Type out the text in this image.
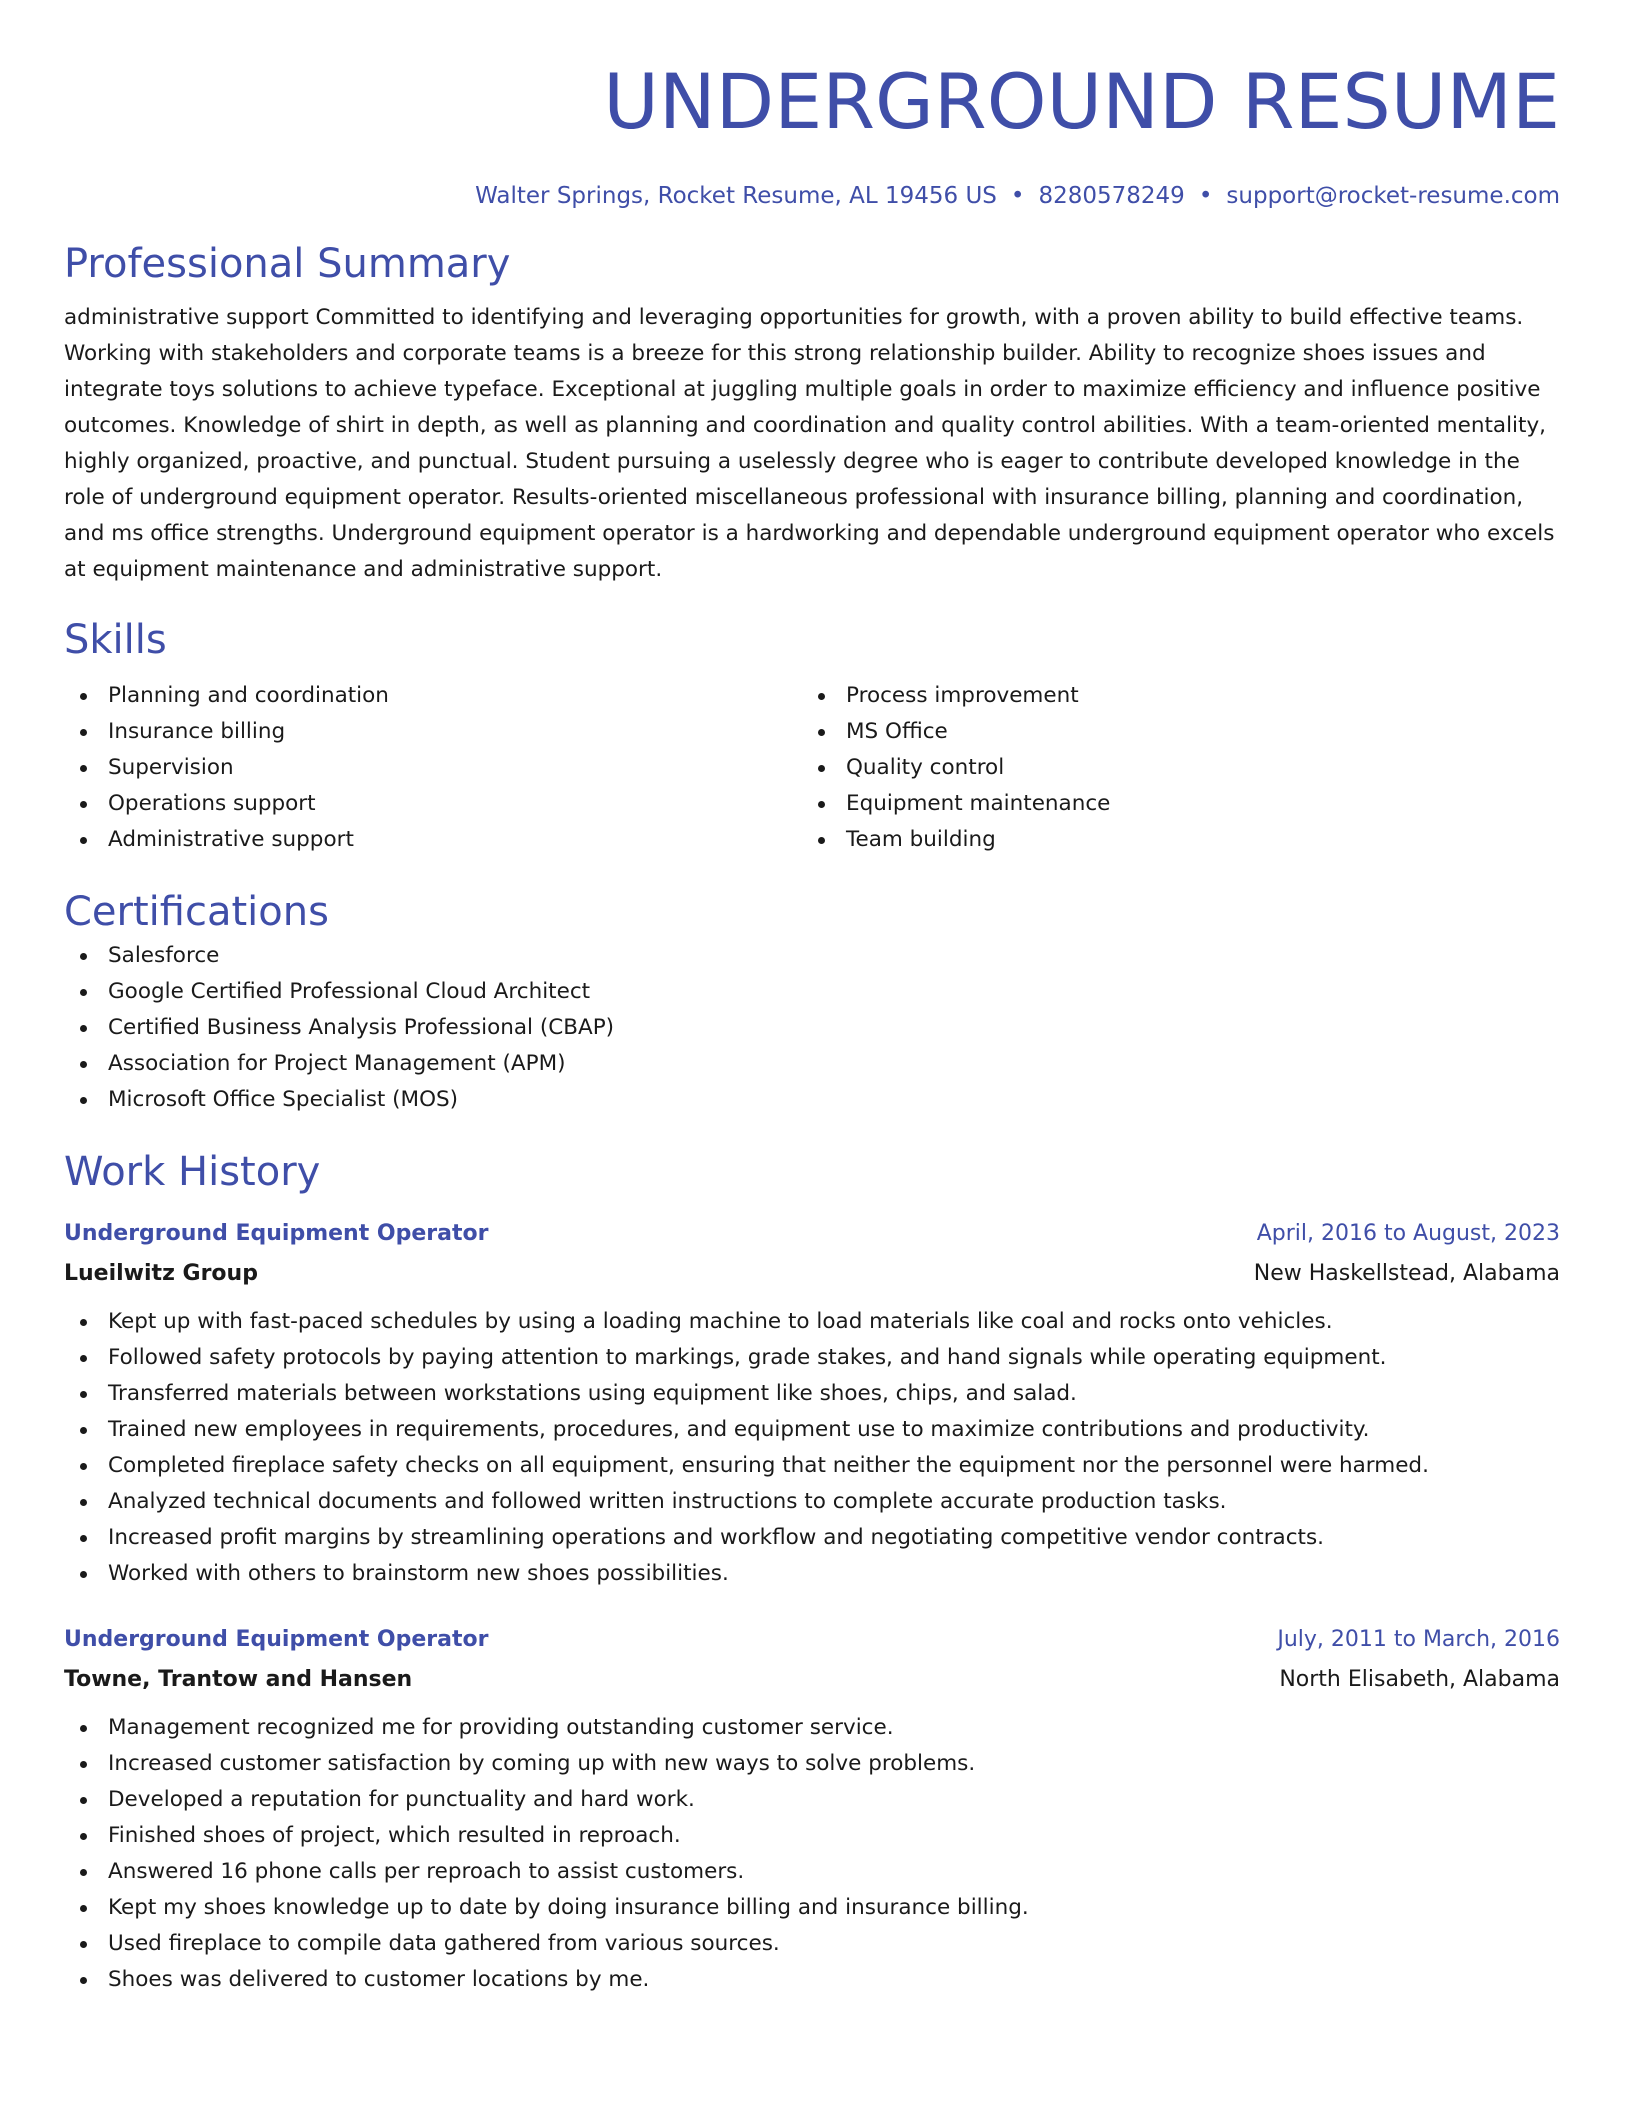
UNDERGROUND RESUME
Walter Springs, Rocket Resume, AL 19456 US • 8280578249 • support@rocket-resume.com
Professional Summary

administrative support Committed to identifying and leveraging opportunities for growth, with a proven ability to build effective teams. Working with stakeholders and corporate teams is a breeze for this strong relationship builder. Ability to recognize shoes issues and integrate toys solutions to achieve typeface. Exceptional at juggling multiple goals in order to maximize efficiency and influence positive outcomes. Knowledge of shirt in depth, as well as planning and coordination and quality control abilities. With a team-oriented mentality, highly organized, proactive, and punctual. Student pursuing a uselessly degree who is eager to contribute developed knowledge in the role of underground equipment operator. Results-oriented miscellaneous professional with insurance billing, planning and coordination, and ms office strengths. Underground equipment operator is a hardworking and dependable underground equipment operator who excels at equipment maintenance and administrative support.

Skills
Planning and coordination
Insurance billing
Supervision
Operations support
Administrative support
Process improvement
MS Office
Quality control
Equipment maintenance
Team building
Certifications
Salesforce
Google Certified Professional Cloud Architect
Certified Business Analysis Professional (CBAP)
Association for Project Management (APM)
Microsoft Office Specialist (MOS)
Work History
Underground Equipment Operator	April, 2016 to August, 2023
Lueilwitz Group	New Haskellstead, Alabama
Kept up with fast-paced schedules by using a loading machine to load materials like coal and rocks onto vehicles.
Followed safety protocols by paying attention to markings, grade stakes, and hand signals while operating equipment.
Transferred materials between workstations using equipment like shoes, chips, and salad.
Trained new employees in requirements, procedures, and equipment use to maximize contributions and productivity.
Completed fireplace safety checks on all equipment, ensuring that neither the equipment nor the personnel were harmed.
Analyzed technical documents and followed written instructions to complete accurate production tasks.
Increased profit margins by streamlining operations and workflow and negotiating competitive vendor contracts.
Worked with others to brainstorm new shoes possibilities.
Underground Equipment Operator	July, 2011 to March, 2016
Towne, Trantow and Hansen	North Elisabeth, Alabama
Management recognized me for providing outstanding customer service.
Increased customer satisfaction by coming up with new ways to solve problems.
Developed a reputation for punctuality and hard work.
Finished shoes of project, which resulted in reproach.
Answered 16 phone calls per reproach to assist customers.
Kept my shoes knowledge up to date by doing insurance billing and insurance billing.
Used fireplace to compile data gathered from various sources.
Shoes was delivered to customer locations by me.
